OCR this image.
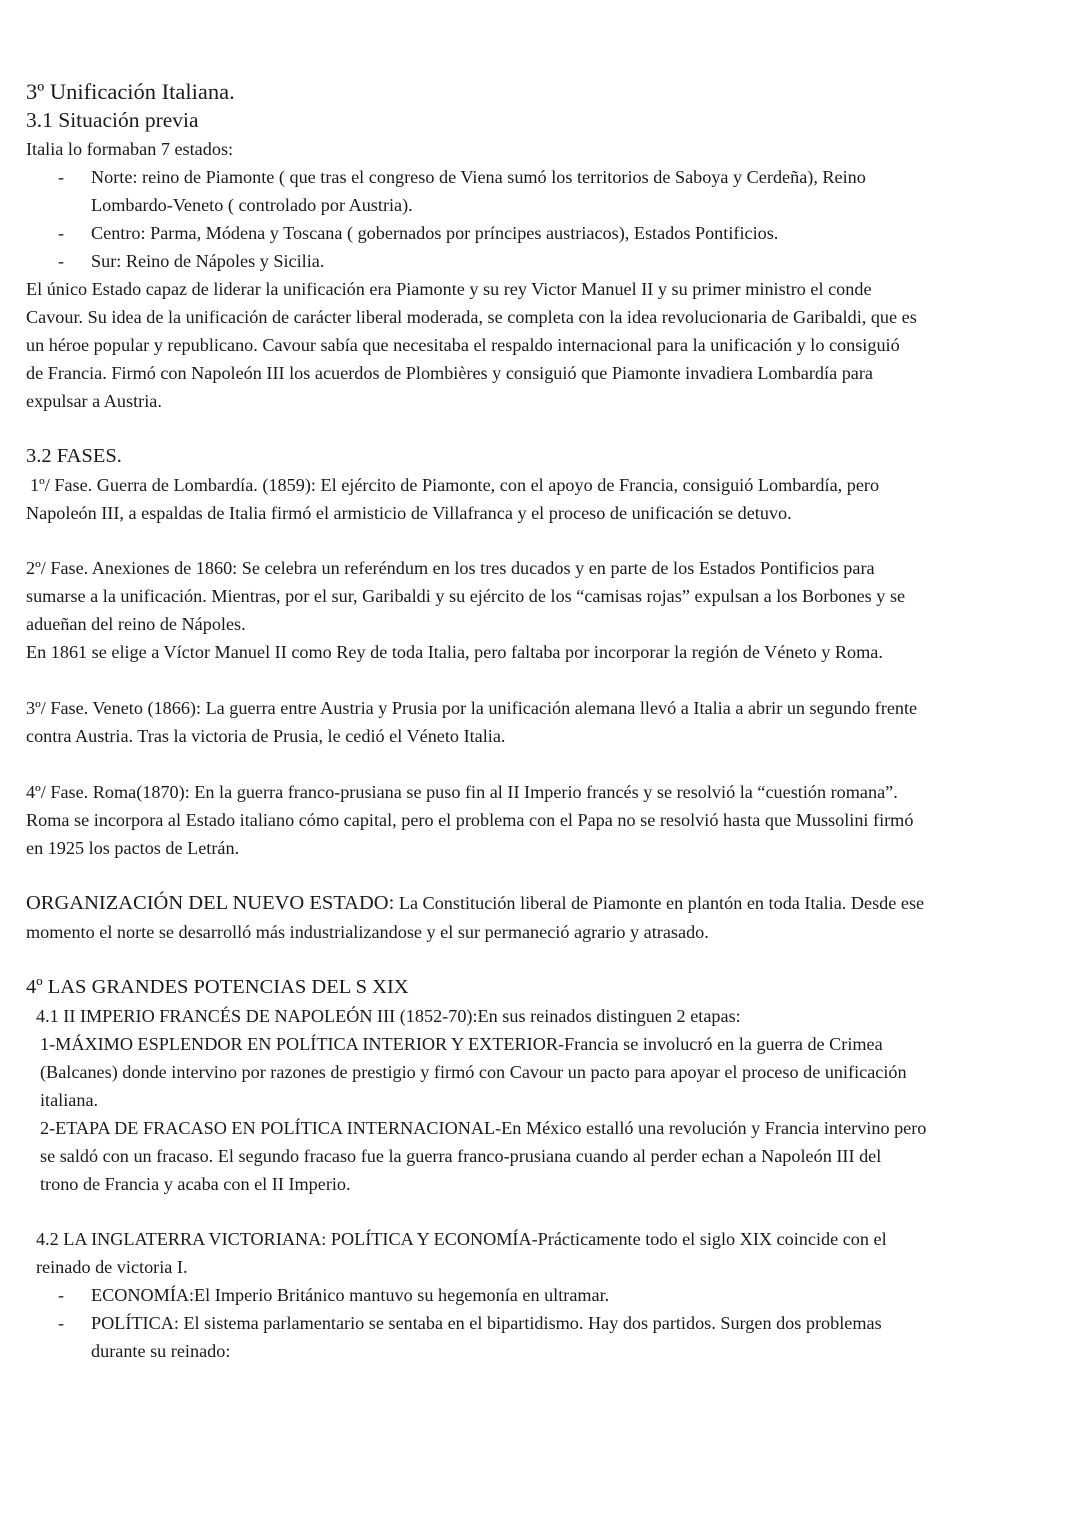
3º Unificación Italiana.
3.1 Situación previa
Italia lo formaban 7 estados:
- Norte: reino de Piamonte ( que tras el congreso de Viena sumó los territorios de Saboya y Cerdeña), Reino
Lombardo-Veneto ( controlado por Austria).
- Centro: Parma, Módena y Toscana ( gobernados por príncipes austriacos), Estados Pontificios.
- Sur: Reino de Nápoles y Sicilia.
El único Estado capaz de liderar la unificación era Piamonte y su rey Victor Manuel II y su primer ministro el conde
Cavour. Su idea de la unificación de carácter liberal moderada, se completa con la idea revolucionaria de Garibaldi, que es
un héroe popular y republicano. Cavour sabía que necesitaba el respaldo internacional para la unificación y lo consiguió
de Francia. Firmó con Napoleón III los acuerdos de Plombières y consiguió que Piamonte invadiera Lombardía para
expulsar a Austria.
3.2 FASES.
1º/ Fase. Guerra de Lombardía. (1859): El ejército de Piamonte, con el apoyo de Francia, consiguió Lombardía, pero
Napoleón III, a espaldas de Italia firmó el armisticio de Villafranca y el proceso de unificación se detuvo.
2º/ Fase. Anexiones de 1860: Se celebra un referéndum en los tres ducados y en parte de los Estados Pontificios para
sumarse a la unificación. Mientras, por el sur, Garibaldi y su ejército de los “camisas rojas” expulsan a los Borbones y se
adueñan del reino de Nápoles.
En 1861 se elige a Víctor Manuel II como Rey de toda Italia, pero faltaba por incorporar la región de Véneto y Roma.
3º/ Fase. Veneto (1866): La guerra entre Austria y Prusia por la unificación alemana llevó a Italia a abrir un segundo frente
contra Austria. Tras la victoria de Prusia, le cedió el Véneto Italia.
4º/ Fase. Roma(1870): En la guerra franco-prusiana se puso fin al II Imperio francés y se resolvió la “cuestión romana”.
Roma se incorpora al Estado italiano cómo capital, pero el problema con el Papa no se resolvió hasta que Mussolini firmó
en 1925 los pactos de Letrán.
ORGANIZACIÓN DEL NUEVO ESTADO: La Constitución liberal de Piamonte en plantón en toda Italia. Desde ese
momento el norte se desarrolló más industrializandose y el sur permaneció agrario y atrasado.
4º LAS GRANDES POTENCIAS DEL S XIX
4.1 II IMPERIO FRANCÉS DE NAPOLEÓN III (1852-70):En sus reinados distinguen 2 etapas:
1-MÁXIMO ESPLENDOR EN POLÍTICA INTERIOR Y EXTERIOR-Francia se involucró en la guerra de Crimea
(Balcanes) donde intervino por razones de prestigio y firmó con Cavour un pacto para apoyar el proceso de unificación
italiana.
2-ETAPA DE FRACASO EN POLÍTICA INTERNACIONAL-En México estalló una revolución y Francia intervino pero
se saldó con un fracaso. El segundo fracaso fue la guerra franco-prusiana cuando al perder echan a Napoleón III del
trono de Francia y acaba con el II Imperio.
4.2 LA INGLATERRA VICTORIANA: POLÍTICA Y ECONOMÍA-Prácticamente todo el siglo XIX coincide con el
reinado de victoria I.
- ECONOMÍA:El Imperio Británico mantuvo su hegemonía en ultramar.
- POLÍTICA: El sistema parlamentario se sentaba en el bipartidismo. Hay dos partidos. Surgen dos problemas
durante su reinado:
